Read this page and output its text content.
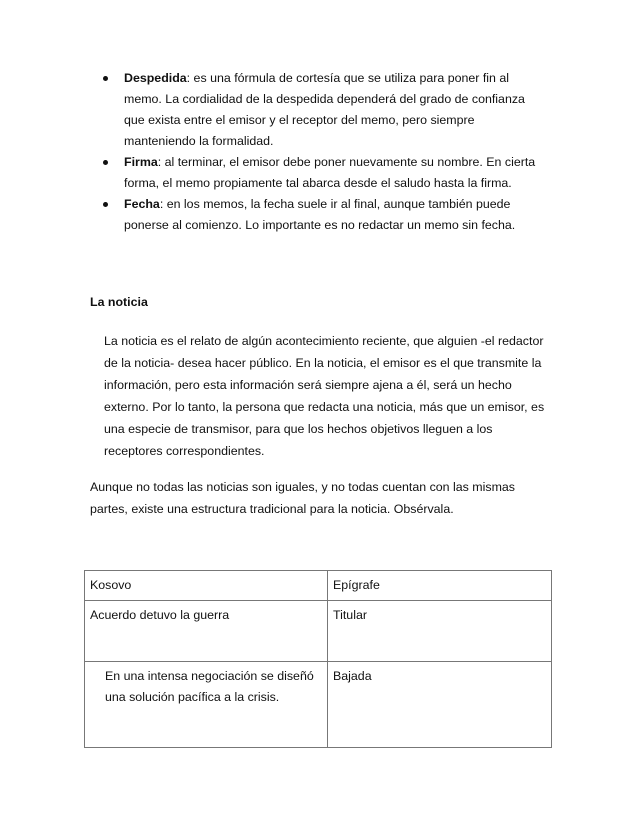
Despedida: es una fórmula de cortesía que se utiliza para poner fin al memo. La cordialidad de la despedida dependerá del grado de confianza que exista entre el emisor y el receptor del memo, pero siempre manteniendo la formalidad.
Firma: al terminar, el emisor debe poner nuevamente su nombre. En cierta forma, el memo propiamente tal abarca desde el saludo hasta la firma.
Fecha: en los memos, la fecha suele ir al final, aunque también puede ponerse al comienzo. Lo importante es no redactar un memo sin fecha.
La noticia

La noticia es el relato de algún acontecimiento reciente, que alguien -el redactor de la noticia- desea hacer público. En la noticia, el emisor es el que transmite la información, pero esta información será siempre ajena a él, será un hecho externo. Por lo tanto, la persona que redacta una noticia, más que un emisor, es una especie de transmisor, para que los hechos objetivos lleguen a los receptores correspondientes.

Aunque no todas las noticias son iguales, y no todas cuentan con las mismas partes, existe una estructura tradicional para la noticia. Obsérvala.

Kosovo	Epígrafe
Acuerdo detuvo la guerra	Titular
En una intensa negociación se diseñó una solución pacífica a la crisis.	Bajada
